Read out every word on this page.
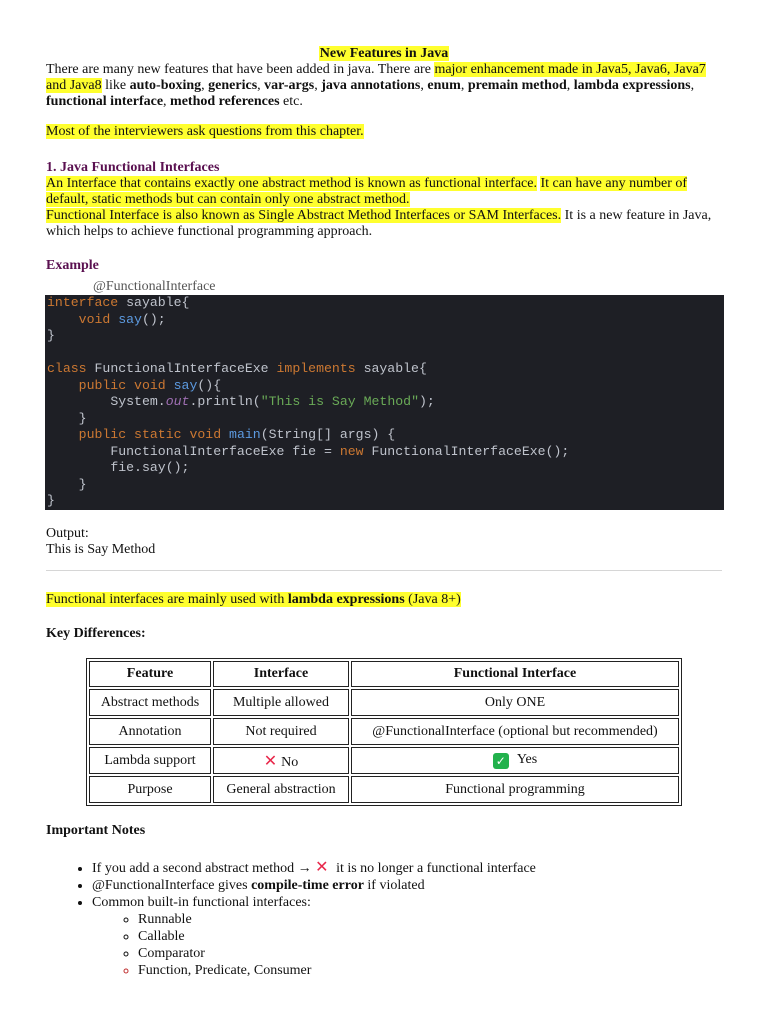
New Features in Java
There are many new features that have been added in java. There are major enhancement made in Java5, Java6, Java7 and Java8 like auto-boxing, generics, var-args, java annotations, enum, premain method, lambda expressions, functional interface, method references etc.
Most of the interviewers ask questions from this chapter.
1. Java Functional Interfaces
An Interface that contains exactly one abstract method is known as functional interface. It can have any number of default, static methods but can contain only one abstract method.
Functional Interface is also known as Single Abstract Method Interfaces or SAM Interfaces. It is a new feature in Java, which helps to achieve functional programming approach.
Example
@FunctionalInterface

interface sayable{

void say();

}

class FunctionalInterfaceExe implements sayable{

public void say(){

System.out.println("This is Say Method");

}

public static void main(String[] args) {

FunctionalInterfaceExe fie = new FunctionalInterfaceExe();

fie.say();

}

}

Output:
This is Say Method
Functional interfaces are mainly used with lambda expressions (Java 8+)
Key Differences:
Feature	Interface	Functional Interface
Abstract methods	Multiple allowed	Only ONE
Annotation	Not required	@FunctionalInterface (optional but recommended)
Lambda support	✕ No	✓ Yes
Purpose	General abstraction	Functional programming
Important Notes
• If you add a second abstract method → ✕ it is no longer a functional interface
• @FunctionalInterface gives compile-time error if violated
• Common built-in functional interfaces:
◦ Runnable
◦ Callable
◦ Comparator
◦ Function, Predicate, Consumer
